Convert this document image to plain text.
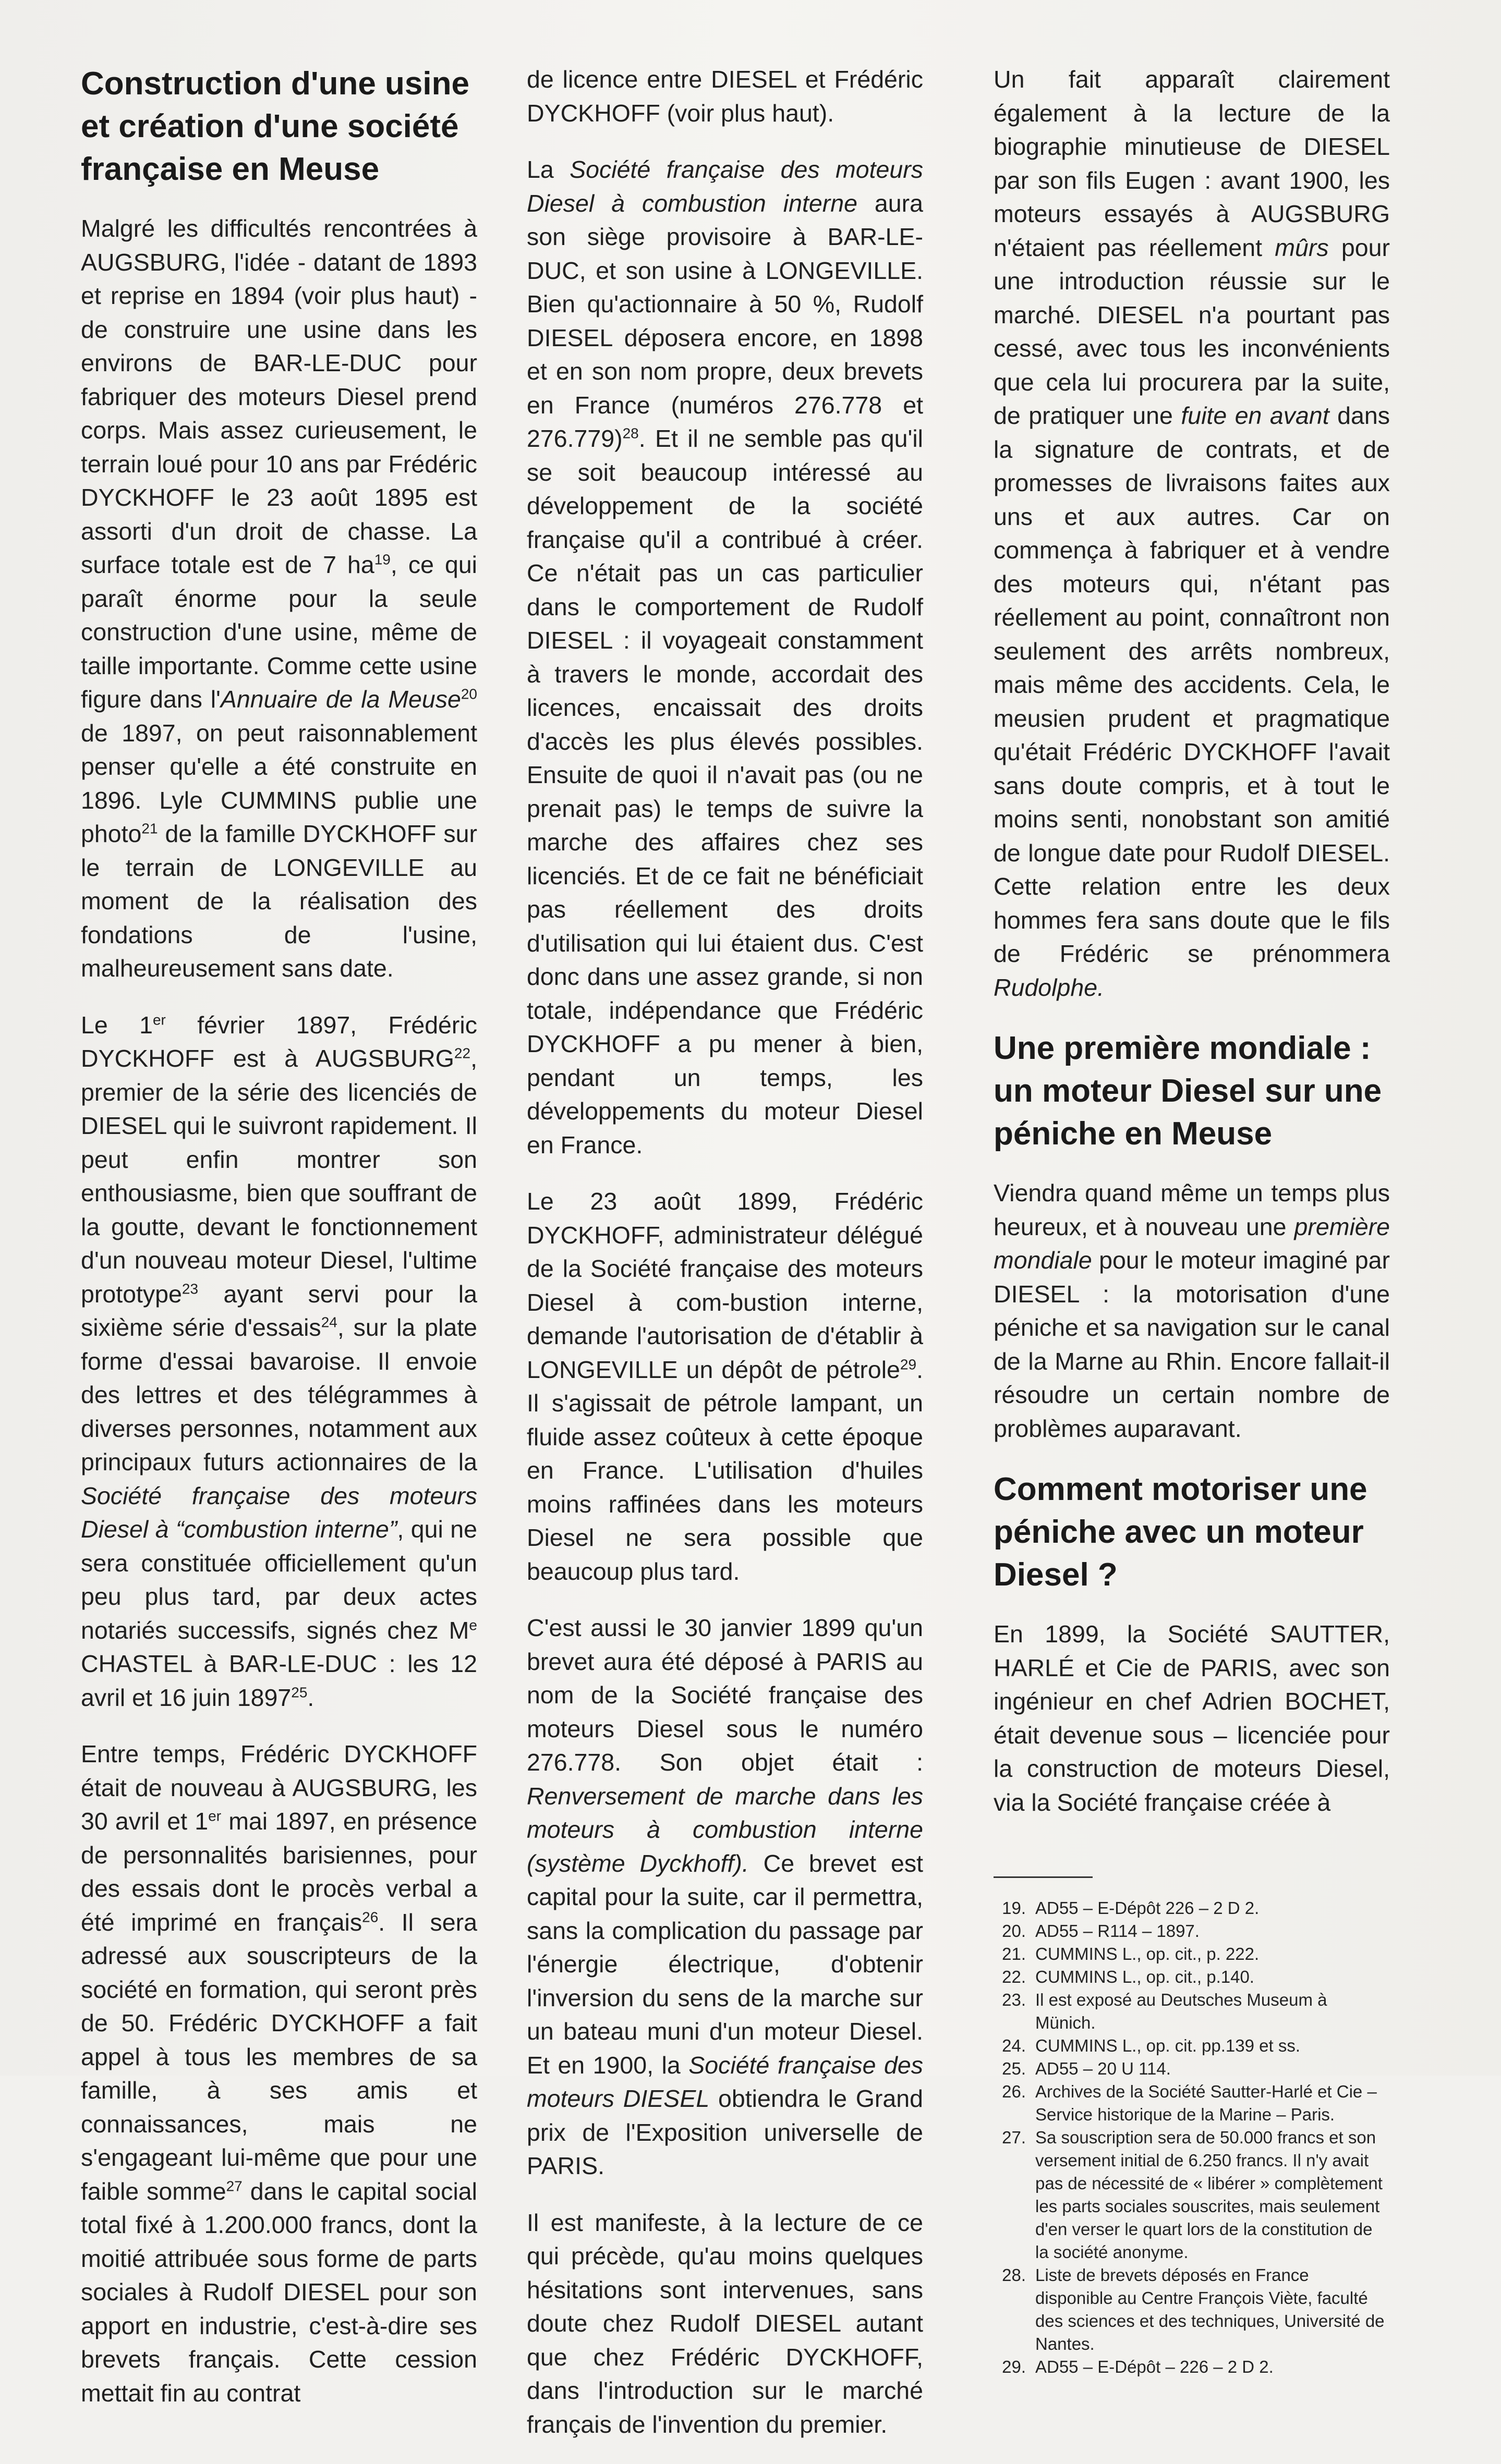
Construction d'une usine et création d'une société française en Meuse

Malgré les difficultés rencontrées à AUGSBURG, l'idée - datant de 1893 et reprise en 1894 (voir plus haut) - de construire une usine dans les environs de BAR-LE-DUC pour fabriquer des moteurs Diesel prend corps. Mais assez curieusement, le terrain loué pour 10 ans par Frédéric DYCKHOFF le 23 août 1895 est assorti d'un droit de chasse. La surface totale est de 7 $ha^{19}$, ce qui paraît énorme pour la seule construction d'une usine, même de taille importante. Comme cette usine figure dans l'Annuaire de la Meuse$^{20}$ de 1897, on peut raisonnablement penser qu'elle a été construite en 1896. Lyle CUMMINS publie une photo$^{21}$ de la famille DYCKHOFF sur le terrain de LONGEVILLE au moment de la réalisation des fondations de l'usine, malheureusement sans date.

Le 1er février 1897, Frédéric DYCKHOFF est à AUGSBURG$^{22}$, premier de la série des licenciés de DIESEL qui le suivront rapidement. Il peut enfin montrer son enthousiasme, bien que souffrant de la goutte, devant le fonctionnement d'un nouveau moteur Diesel, l'ultime prototype$^{23}$ ayant servi pour la sixième série d'essais$^{24}$, sur la plate forme d'essai bavaroise. Il envoie des lettres et des télégrammes à diverses personnes, notamment aux principaux futurs actionnaires de la Société française des moteurs Diesel à “combustion interne”, qui ne sera constituée officiellement qu'un peu plus tard, par deux actes notariés successifs, signés chez Me CHASTEL à BAR-LE-DUC : les 12 avril et 16 juin 1897$^{25}$.

Entre temps, Frédéric DYCKHOFF était de nouveau à AUGSBURG, les 30 avril et 1er mai 1897, en présence de personnalités barisiennes, pour des essais dont le procès verbal a été imprimé en français$^{26}$. Il sera adressé aux souscripteurs de la société en formation, qui seront près de 50. Frédéric DYCKHOFF a fait appel à tous les membres de sa famille, à ses amis et connaissances, mais ne s'engageant lui-même que pour une faible somme$^{27}$ dans le capital social total fixé à 1.200.000 francs, dont la moitié attribuée sous forme de parts sociales à Rudolf DIESEL pour son apport en industrie, c'est-à-dire ses brevets français. Cette cession mettait fin au contrat

de licence entre DIESEL et Frédéric DYCKHOFF (voir plus haut).

La Société française des moteurs Diesel à combustion interne aura son siège provisoire à BAR-LE-DUC, et son usine à LONGEVILLE. Bien qu'actionnaire à 50 %, Rudolf DIESEL déposera encore, en 1898 et en son nom propre, deux brevets en France (numéros 276.778 et 276.779)$^{28}$. Et il ne semble pas qu'il se soit beaucoup intéressé au développement de la société française qu'il a contribué à créer. Ce n'était pas un cas particulier dans le comportement de Rudolf DIESEL : il voyageait constamment à travers le monde, accordait des licences, encaissait des droits d'accès les plus élevés possibles. Ensuite de quoi il n'avait pas (ou ne prenait pas) le temps de suivre la marche des affaires chez ses licenciés. Et de ce fait ne bénéficiait pas réellement des droits d'utilisation qui lui étaient dus. C'est donc dans une assez grande, si non totale, indépendance que Frédéric DYCKHOFF a pu mener à bien, pendant un temps, les développements du moteur Diesel en France.

Le 23 août 1899, Frédéric DYCKHOFF, administrateur délégué de la Société française des moteurs Diesel à com-bustion interne, demande l'autorisation de d'établir à LONGEVILLE un dépôt de pétrole$^{29}$. Il s'agissait de pétrole lampant, un fluide assez coûteux à cette époque en France. L'utilisation d'huiles moins raffinées dans les moteurs Diesel ne sera possible que beaucoup plus tard.

C'est aussi le 30 janvier 1899 qu'un brevet aura été déposé à PARIS au nom de la Société française des moteurs Diesel sous le numéro 276.778. Son objet était : Renversement de marche dans les moteurs à combustion interne (système Dyckhoff). Ce brevet est capital pour la suite, car il permettra, sans la complication du passage par l'énergie électrique, d'obtenir l'inversion du sens de la marche sur un bateau muni d'un moteur Diesel. Et en 1900, la Société française des moteurs DIESEL obtiendra le Grand prix de l'Exposition universelle de PARIS.

Il est manifeste, à la lecture de ce qui précède, qu'au moins quelques hésitations sont intervenues, sans doute chez Rudolf DIESEL autant que chez Frédéric DYCKHOFF, dans l'introduction sur le marché français de l'invention du premier.

Un fait apparaît clairement également à la lecture de la biographie minutieuse de DIESEL par son fils Eugen : avant 1900, les moteurs essayés à AUGSBURG n'étaient pas réellement mûrs pour une introduction réussie sur le marché. DIESEL n'a pourtant pas cessé, avec tous les inconvénients que cela lui procurera par la suite, de pratiquer une fuite en avant dans la signature de contrats, et de promesses de livraisons faites aux uns et aux autres. Car on commença à fabriquer et à vendre des moteurs qui, n'étant pas réellement au point, connaîtront non seulement des arrêts nombreux, mais même des accidents. Cela, le meusien prudent et pragmatique qu'était Frédéric DYCKHOFF l'avait sans doute compris, et à tout le moins senti, nonobstant son amitié de longue date pour Rudolf DIESEL. Cette relation entre les deux hommes fera sans doute que le fils de Frédéric se prénommera Rudolphe.

Une première mondiale : un moteur Diesel sur une péniche en Meuse

Viendra quand même un temps plus heureux, et à nouveau une première mondiale pour le moteur imaginé par DIESEL : la motorisation d'une péniche et sa navigation sur le canal de la Marne au Rhin. Encore fallait-il résoudre un certain nombre de problèmes auparavant.

Comment motoriser une péniche avec un moteur Diesel ?

En 1899, la Société SAUTTER, HARLÉ et Cie de PARIS, avec son ingénieur en chef Adrien BOCHET, était devenue sous – licenciée pour la construction de moteurs Diesel, via la Société française créée à

19. AD55 – E-Dépôt 226 – 2 D 2.
20. AD55 – R114 – 1897.
21. CUMMINS L., op. cit., p. 222.
22. CUMMINS L., op. cit., p.140.
23. Il est exposé au Deutsches Museum à Münich.
24. CUMMINS L., op. cit. pp.139 et ss.
25. AD55 – 20 U 114.
26. Archives de la Société Sautter-Harlé et Cie – Service historique de la Marine – Paris.
27. Sa souscription sera de 50.000 francs et son versement initial de 6.250 francs. Il n'y avait pas de nécessité de « libérer » complètement les parts sociales souscrites, mais seulement d'en verser le quart lors de la constitution de la société anonyme.
28. Liste de brevets déposés en France disponible au Centre François Viète, faculté des sciences et des techniques, Université de Nantes.
29. AD55 – E-Dépôt – 226 – 2 D 2.
